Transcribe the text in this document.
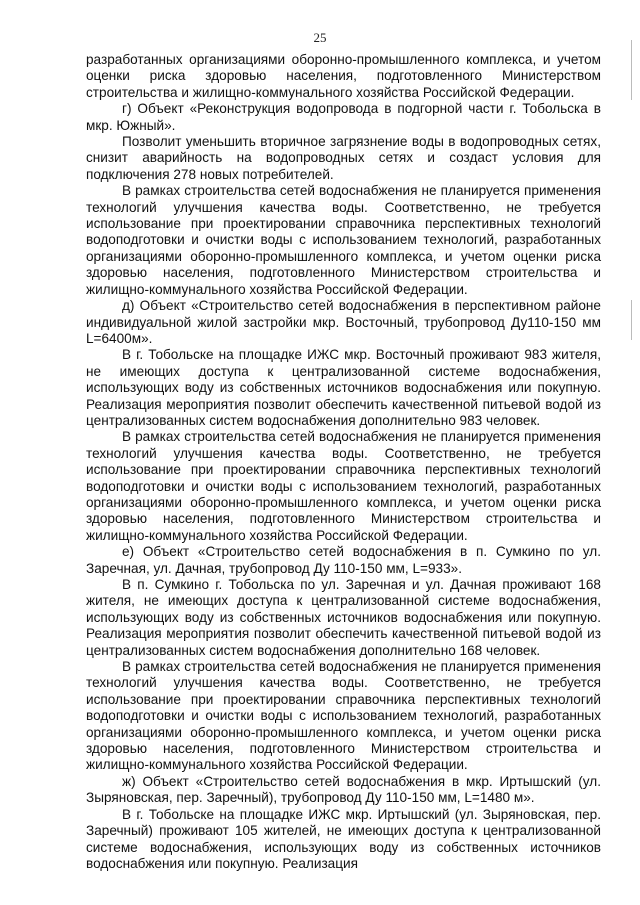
25

разработанных организациями оборонно-промышленного комплекса, и учетом оценки риска здоровью населения, подготовленного Министерством строительства и жилищно-коммунального хозяйства Российской Федерации.

г) Объект «Реконструкция водопровода в подгорной части г. Тобольска в мкр. Южный».

Позволит уменьшить вторичное загрязнение воды в водопроводных сетях, снизит аварийность на водопроводных сетях и создаст условия для подключения 278 новых потребителей.

В рамках строительства сетей водоснабжения не планируется применения технологий улучшения качества воды. Соответственно, не требуется использование при проектировании справочника перспективных технологий водоподготовки и очистки воды с использованием технологий, разработанных организациями оборонно-промышленного комплекса, и учетом оценки риска здоровью населения, подготовленного Министерством строительства и жилищно-коммунального хозяйства Российской Федерации.

д) Объект «Строительство сетей водоснабжения в перспективном районе индивидуальной жилой застройки мкр. Восточный, трубопровод Ду110-150 мм L=6400м».

В г. Тобольске на площадке ИЖС мкр. Восточный проживают 983 жителя, не имеющих доступа к централизованной системе водоснабжения, использующих воду из собственных источников водоснабжения или покупную. Реализация мероприятия позволит обеспечить качественной питьевой водой из централизованных систем водоснабжения дополнительно 983 человек.

В рамках строительства сетей водоснабжения не планируется применения технологий улучшения качества воды. Соответственно, не требуется использование при проектировании справочника перспективных технологий водоподготовки и очистки воды с использованием технологий, разработанных организациями оборонно-промышленного комплекса, и учетом оценки риска здоровью населения, подготовленного Министерством строительства и жилищно-коммунального хозяйства Российской Федерации.

е) Объект «Строительство сетей водоснабжения в п. Сумкино по ул. Заречная, ул. Дачная, трубопровод Ду 110-150 мм, L=933».

В п. Сумкино г. Тобольска по ул. Заречная и ул. Дачная проживают 168 жителя, не имеющих доступа к централизованной системе водоснабжения, использующих воду из собственных источников водоснабжения или покупную. Реализация мероприятия позволит обеспечить качественной питьевой водой из централизованных систем водоснабжения дополнительно 168 человек.

В рамках строительства сетей водоснабжения не планируется применения технологий улучшения качества воды. Соответственно, не требуется использование при проектировании справочника перспективных технологий водоподготовки и очистки воды с использованием технологий, разработанных организациями оборонно-промышленного комплекса, и учетом оценки риска здоровью населения, подготовленного Министерством строительства и жилищно-коммунального хозяйства Российской Федерации.

ж) Объект «Строительство сетей водоснабжения в мкр. Иртышский (ул. Зыряновская, пер. Заречный), трубопровод Ду 110-150 мм, L=1480 м».

В г. Тобольске на площадке ИЖС мкр. Иртышский (ул. Зыряновская, пер. Заречный) проживают 105 жителей, не имеющих доступа к централизованной системе водоснабжения, использующих воду из собственных источников водоснабжения или покупную. Реализация
